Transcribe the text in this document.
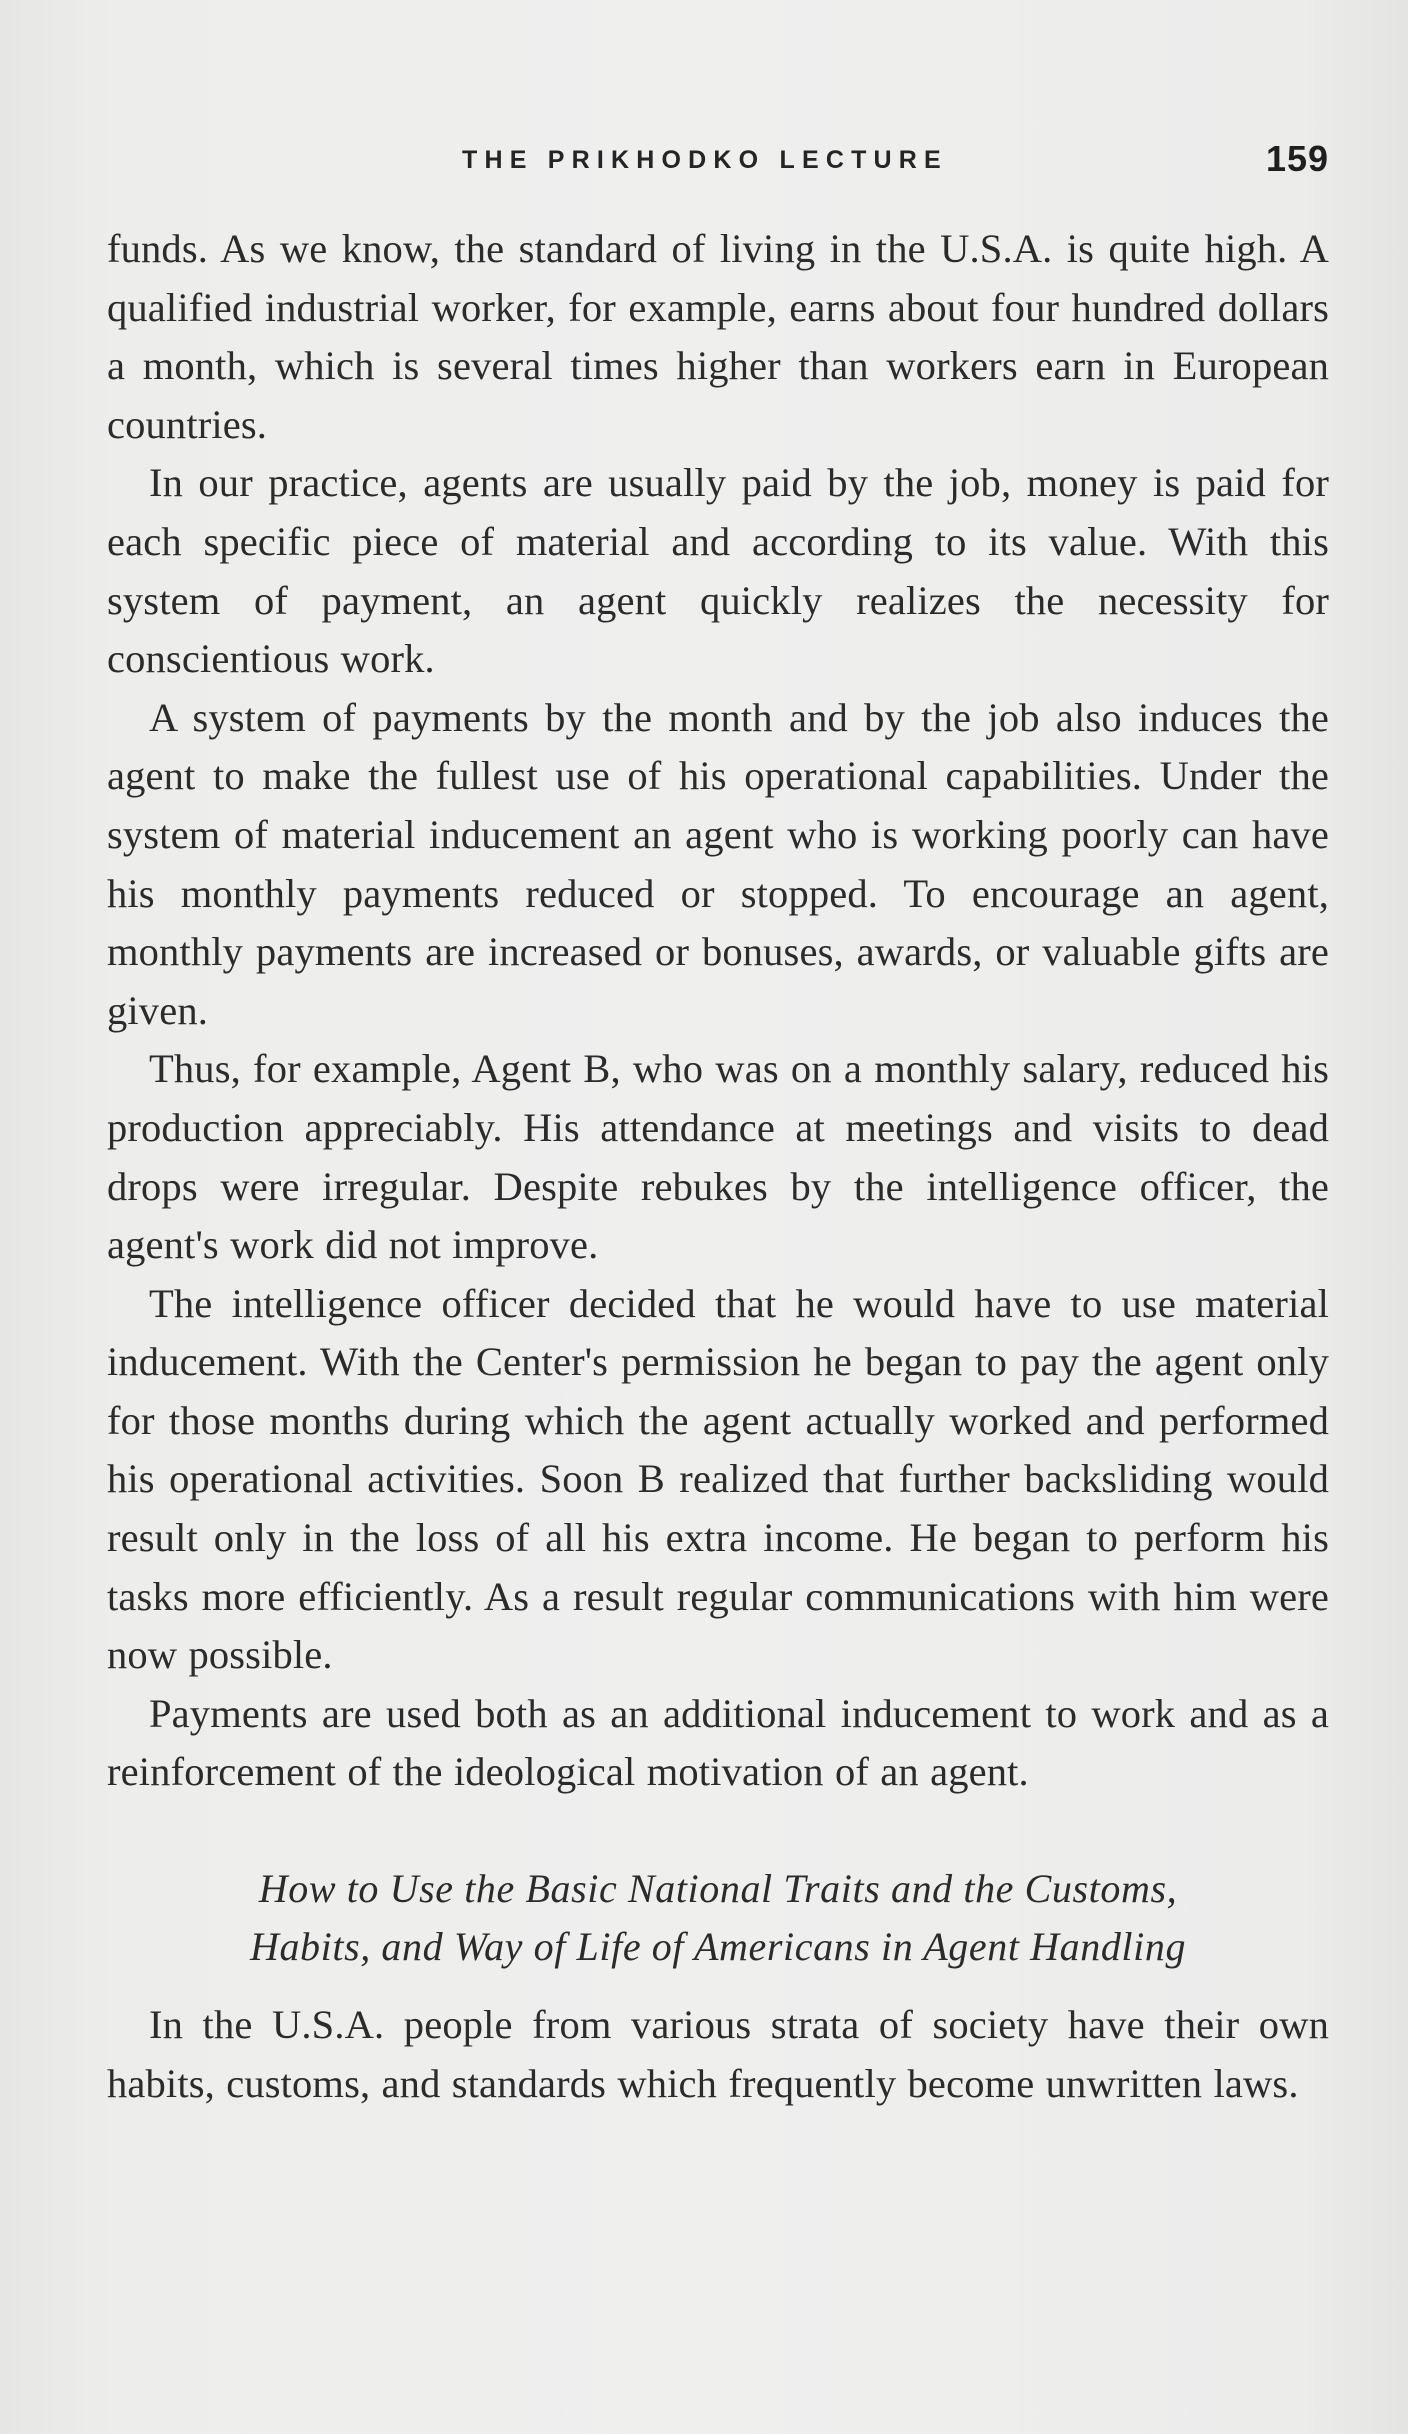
THE PRIKHODKO LECTURE	159

funds. As we know, the standard of living in the U.S.A. is quite high. A qualified industrial worker, for example, earns about four hundred dollars a month, which is several times higher than workers earn in European countries.

In our practice, agents are usually paid by the job, money is paid for each specific piece of material and according to its value. With this system of payment, an agent quickly realizes the necessity for conscientious work.

A system of payments by the month and by the job also induces the agent to make the fullest use of his operational capabilities. Under the system of material inducement an agent who is working poorly can have his monthly payments reduced or stopped. To encourage an agent, monthly payments are increased or bonuses, awards, or valuable gifts are given.

Thus, for example, Agent B, who was on a monthly salary, reduced his production appreciably. His attendance at meetings and visits to dead drops were irregular. Despite rebukes by the intelligence officer, the agent's work did not improve.

The intelligence officer decided that he would have to use material inducement. With the Center's permission he began to pay the agent only for those months during which the agent actually worked and performed his operational activities. Soon B realized that further backsliding would result only in the loss of all his extra income. He began to perform his tasks more efficiently. As a result regular communications with him were now possible.

Payments are used both as an additional inducement to work and as a reinforcement of the ideological motivation of an agent.

How to Use the Basic National Traits and the Customs,
Habits, and Way of Life of Americans in Agent Handling

In the U.S.A. people from various strata of society have their own habits, customs, and standards which frequently become unwritten laws.
